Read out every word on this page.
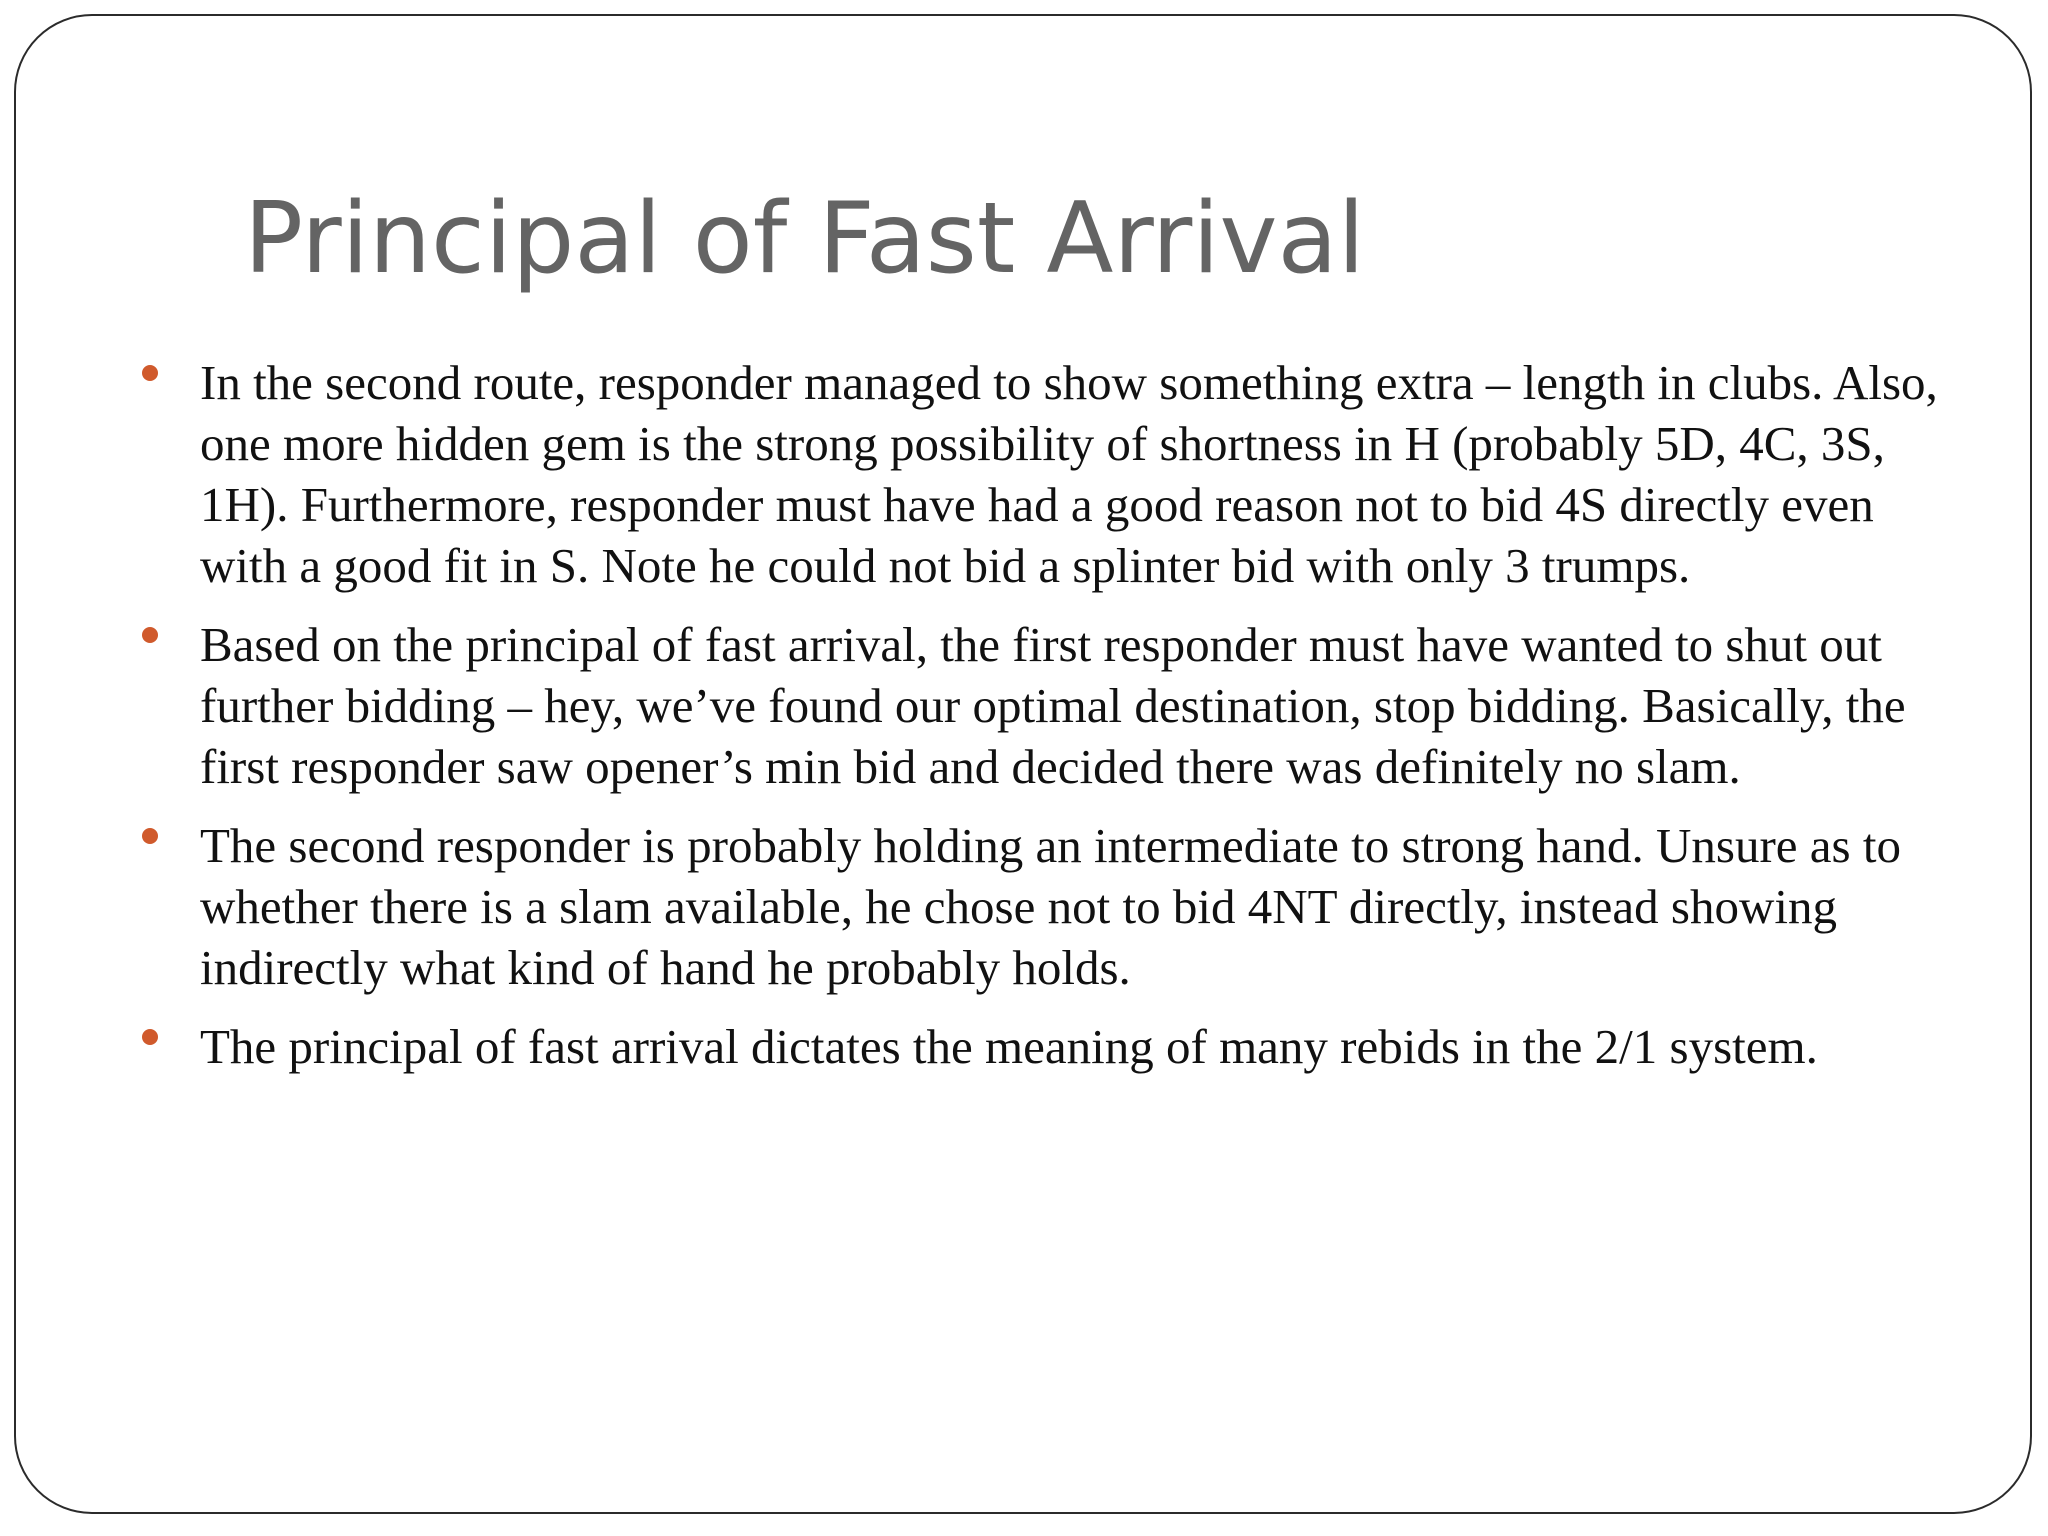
Principal of Fast Arrival
In the second route, responder managed to show something extra – length in clubs. Also, one more hidden gem is the strong possibility of shortness in H (probably 5D, 4C, 3S, 1H). Furthermore, responder must have had a good reason not to bid 4S directly even with a good fit in S. Note he could not bid a splinter bid with only 3 trumps.
Based on the principal of fast arrival, the first responder must have wanted to shut out further bidding – hey, we’ve found our optimal destination, stop bidding. Basically, the first responder saw opener’s min bid and decided there was definitely no slam.
The second responder is probably holding an intermediate to strong hand. Unsure as to whether there is a slam available, he chose not to bid 4NT directly, instead showing indirectly what kind of hand he probably holds.
The principal of fast arrival dictates the meaning of many rebids in the 2/1 system.
